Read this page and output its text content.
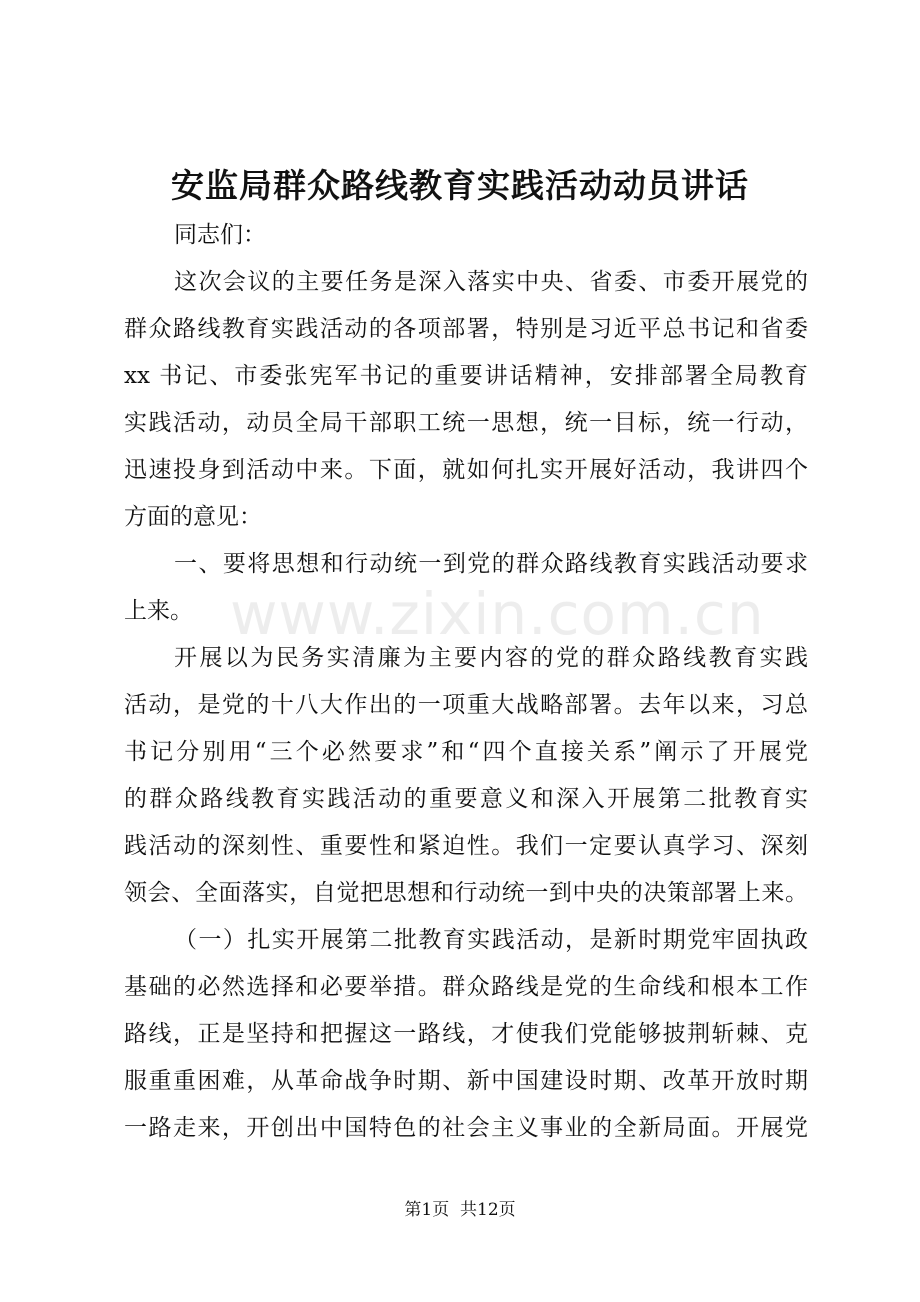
安监局群众路线教育实践活动动员讲话
同志们：
这次会议的主要任务是深入落实中央、省委、市委开展党的
群众路线教育实践活动的各项部署，特别是习近平总书记和省委
xx 书记、市委张宪军书记的重要讲话精神，安排部署全局教育
实践活动，动员全局干部职工统一思想，统一目标，统一行动，
迅速投身到活动中来。下面，就如何扎实开展好活动，我讲四个
方面的意见：
一、要将思想和行动统一到党的群众路线教育实践活动要求
上来。
开展以为民务实清廉为主要内容的党的群众路线教育实践
活动，是党的十八大作出的一项重大战略部署。去年以来，习总
书记分别用“三个必然要求”和“四个直接关系”阐示了开展党
的群众路线教育实践活动的重要意义和深入开展第二批教育实
践活动的深刻性、重要性和紧迫性。我们一定要认真学习、深刻
领会、全面落实，自觉把思想和行动统一到中央的决策部署上来。
（一）扎实开展第二批教育实践活动，是新时期党牢固执政
基础的必然选择和必要举措。群众路线是党的生命线和根本工作
路线，正是坚持和把握这一路线，才使我们党能够披荆斩棘、克
服重重困难，从革命战争时期、新中国建设时期、改革开放时期
一路走来，开创出中国特色的社会主义事业的全新局面。开展党
www.zixin.com.cn
第1页  共12页
